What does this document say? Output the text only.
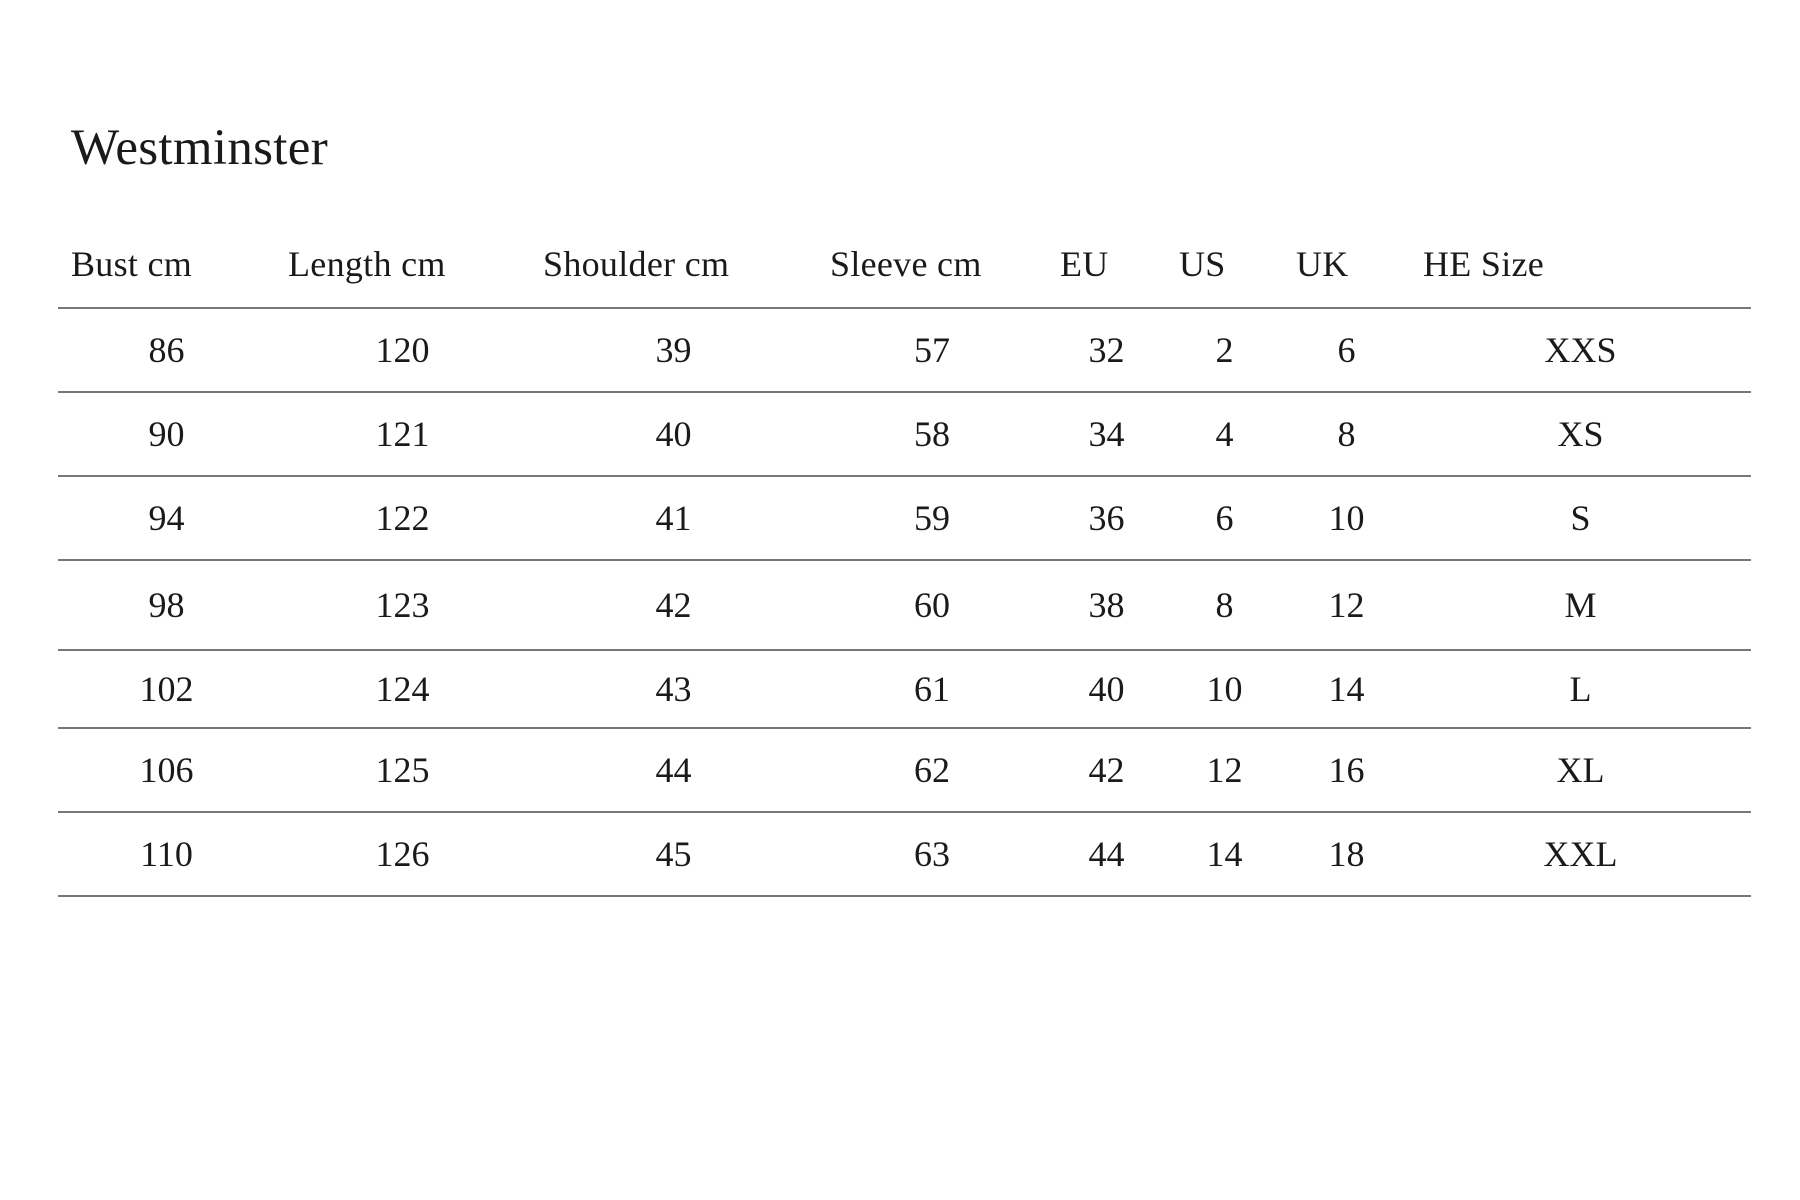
Westminster
Bust cm	Length cm	Shoulder cm	Sleeve cm	EU	US	UK	HE Size
86	120	39	57	32	2	6	XXS
90	121	40	58	34	4	8	XS
94	122	41	59	36	6	10	S
98	123	42	60	38	8	12	M
102	124	43	61	40	10	14	L
106	125	44	62	42	12	16	XL
110	126	45	63	44	14	18	XXL
